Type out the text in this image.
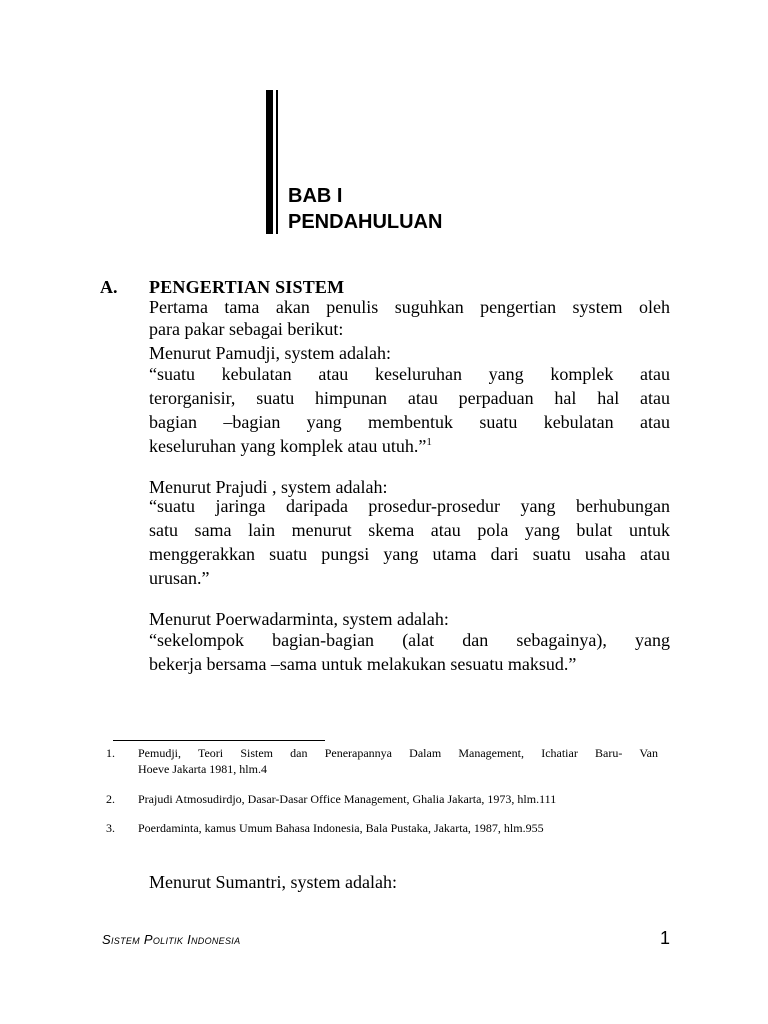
BAB I
PENDAHULUAN
A. PENGERTIAN SISTEM
Pertama tama akan penulis suguhkan pengertian system oleh
para pakar sebagai berikut:
Menurut Pamudji, system adalah:
“suatu kebulatan atau keseluruhan yang komplek atau
terorganisir, suatu himpunan atau perpaduan hal hal atau
bagian –bagian yang membentuk suatu kebulatan atau
keseluruhan yang komplek atau utuh.”$^1$
Menurut Prajudi , system adalah:
“suatu jaringa daripada prosedur-prosedur yang berhubungan
satu sama lain menurut skema atau pola yang bulat untuk
menggerakkan suatu pungsi yang utama dari suatu usaha atau
urusan.”
Menurut Poerwadarminta, system adalah:
“sekelompok bagian-bagian (alat dan sebagainya), yang
bekerja bersama –sama untuk melakukan sesuatu maksud.”
1. Pemudji, Teori Sistem dan Penerapannya Dalam Management, Ichatiar Baru- Van
Hoeve Jakarta 1981, hlm.4
2. Prajudi Atmosudirdjo, Dasar-Dasar Office Management, Ghalia Jakarta, 1973, hlm.111
3. Poerdaminta, kamus Umum Bahasa Indonesia, Bala Pustaka, Jakarta, 1987, hlm.955
Menurut Sumantri, system adalah:
Sistem Politik Indonesia	1
